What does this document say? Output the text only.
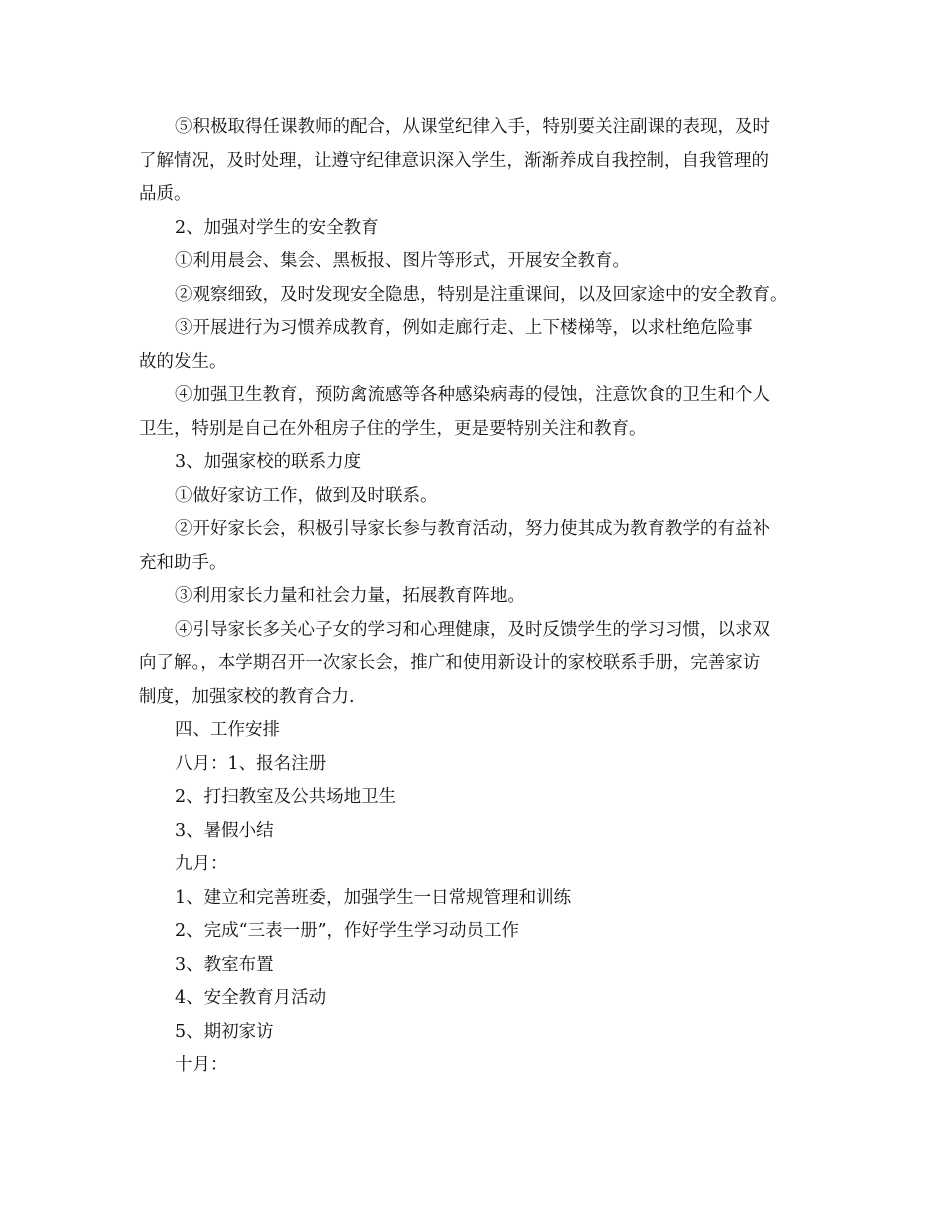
⑤积极取得任课教师的配合，从课堂纪律入手，特别要关注副课的表现，及时
了解情况，及时处理，让遵守纪律意识深入学生，渐渐养成自我控制，自我管理的
品质。
2、加强对学生的安全教育
①利用晨会、集会、黑板报、图片等形式，开展安全教育。
②观察细致，及时发现安全隐患，特别是注重课间，以及回家途中的安全教育。
③开展进行为习惯养成教育，例如走廊行走、上下楼梯等，以求杜绝危险事
故的发生。
④加强卫生教育，预防禽流感等各种感染病毒的侵蚀，注意饮食的卫生和个人
卫生，特别是自己在外租房子住的学生，更是要特别关注和教育。
3、加强家校的联系力度
①做好家访工作，做到及时联系。
②开好家长会，积极引导家长参与教育活动，努力使其成为教育教学的有益补
充和助手。
③利用家长力量和社会力量，拓展教育阵地。
④引导家长多关心子女的学习和心理健康，及时反馈学生的学习习惯，以求双
向了解。，本学期召开一次家长会，推广和使用新设计的家校联系手册，完善家访
制度，加强家校的教育合力.
四、工作安排
八月：1、报名注册
2、打扫教室及公共场地卫生
3、暑假小结
九月：
1、建立和完善班委，加强学生一日常规管理和训练
2、完成“三表一册”，作好学生学习动员工作
3、教室布置
4、安全教育月活动
5、期初家访
十月：
